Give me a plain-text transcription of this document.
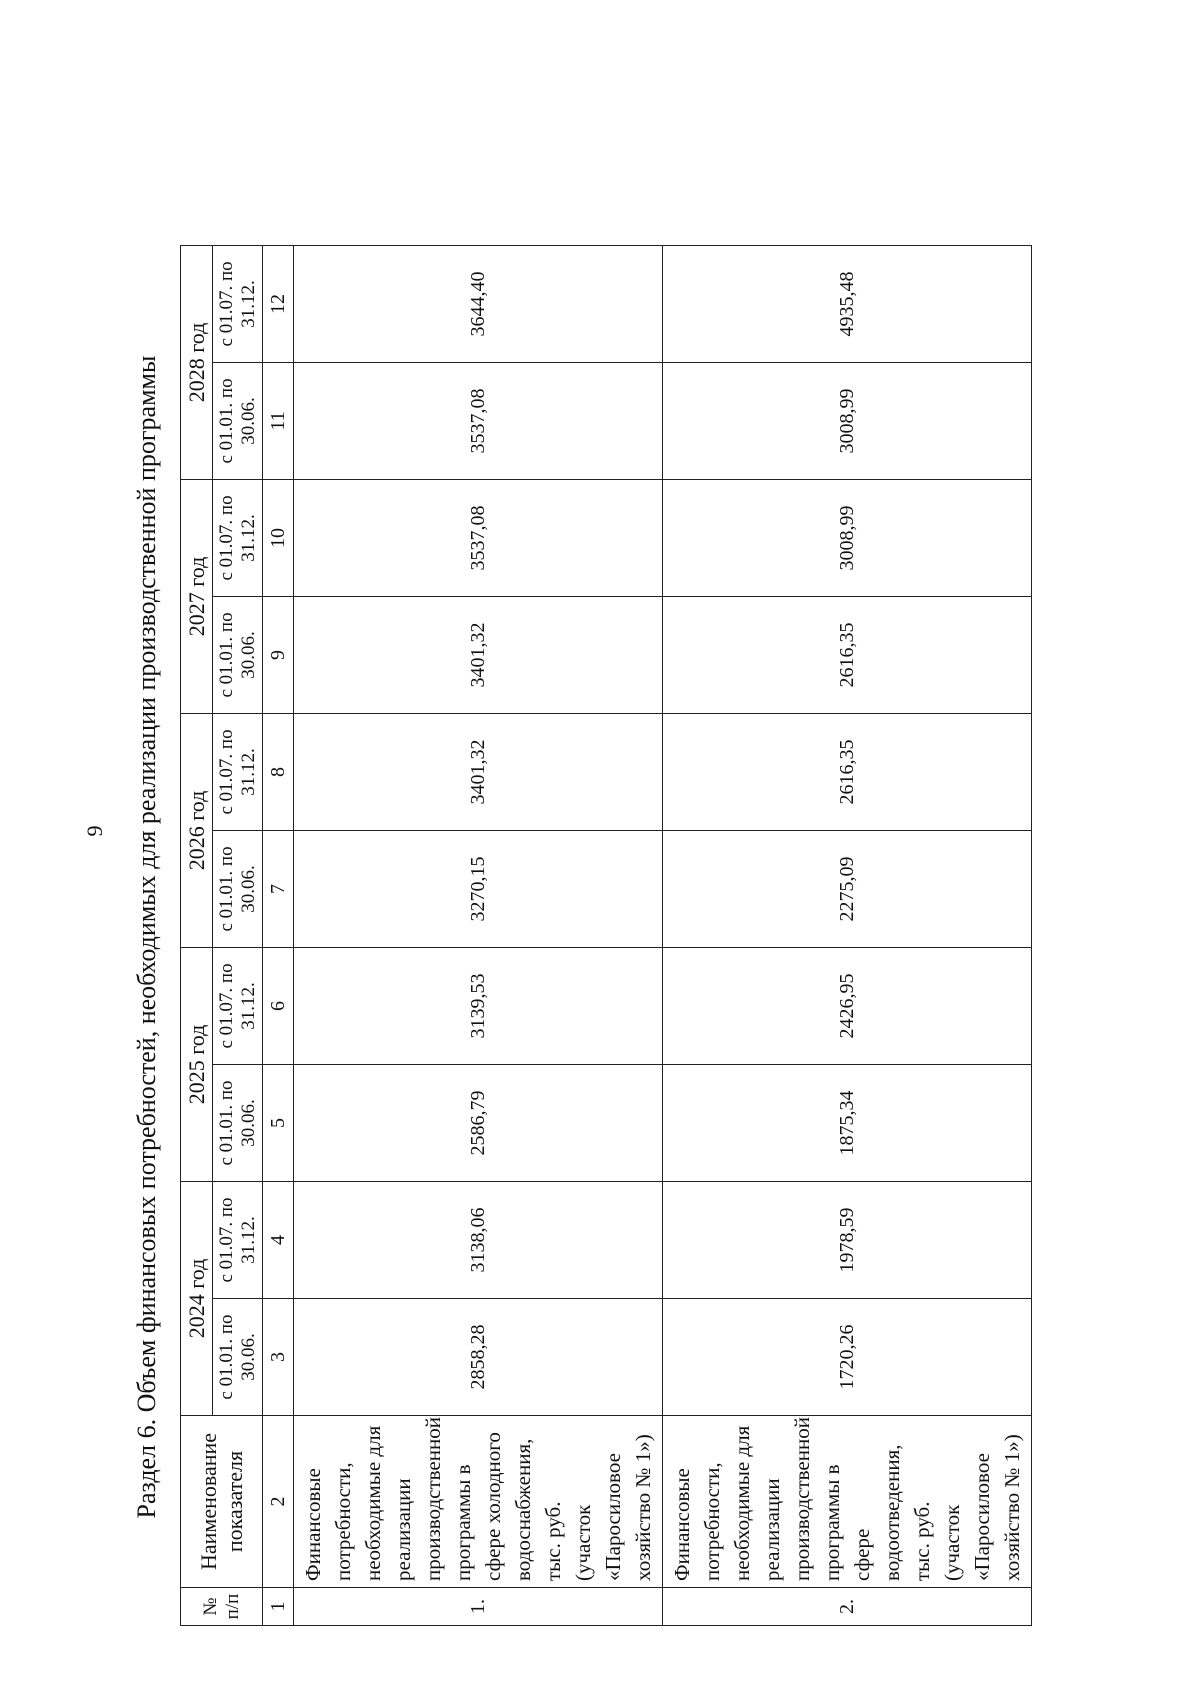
9 Раздел 6. Объем финансовых потребностей, необходимых для реализации производственной программы
№ п/п	Наименование показателя	2024 год		2025 год		2026 год		2027 год		2028 год	
		с 01.01. по 30.06.	с 01.07. по 31.12.	с 01.01. по 30.06.	с 01.07. по 31.12.	с 01.01. по 30.06.	с 01.07. по 31.12.	с 01.01. по 30.06.	с 01.07. по 31.12.	с 01.01. по 30.06.	с 01.07. по 31.12.
1	2	3	4	5	6	7	8	9	10	11	12
1.	Финансовые потребности, необходимые для реализации производственной программы в сфере холодного водоснабжения, тыс. руб. (участок «Паросиловое хозяйство № 1»)	2858,28	3138,06	2586,79	3139,53	3270,15	3401,32	3401,32	3537,08	3537,08	3644,40
2.	Финансовые потребности, необходимые для реализации производственной программы в сфере водоотведения, тыс. руб. (участок «Паросиловое хозяйство № 1»)	1720,26	1978,59	1875,34	2426,95	2275,09	2616,35	2616,35	3008,99	3008,99	4935,48
